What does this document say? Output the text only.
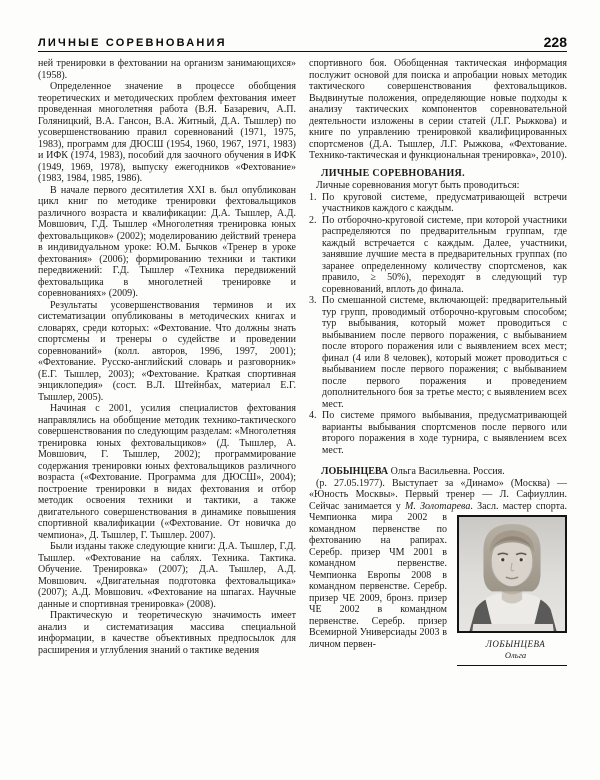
ЛИЧНЫЕ СОРЕВНОВАНИЯ	228

ней тренировки в фехтовании на организм занимающихся» (1958).

Определенное значение в процессе обобщения теоретических и методических проблем фехтования имеет проведенная многолетняя работа (В.Я. Базаревич, А.П. Голяницкий, В.А. Гансон, В.А. Житный, Д.А. Тышлер) по усовершенствованию правил соревнований (1971, 1975, 1983), программ для ДЮСШ (1954, 1960, 1967, 1971, 1983) и ИФК (1974, 1983), пособий для заочного обучения в ИФК (1949, 1969, 1978), выпуску ежегодников «Фехтование» (1983, 1984, 1985, 1986).

В начале первого десятилетия XXI в. был опубликован цикл книг по методике тренировки фехтовальщиков различного возраста и квалификации: Д.А. Тышлер, А.Д. Мовшович, Г.Д. Тышлер «Многолетняя тренировка юных фехтовальщиков» (2002); моделированию действий тренера в индивидуальном уроке: Ю.М. Бычков «Тренер в уроке фехтования» (2006); формированию техники и тактики передвижений: Г.Д. Тышлер «Техника передвижений фехтовальщика в многолетней тренировке и соревнованиях» (2009).

Результаты усовершенствования терминов и их систематизации опубликованы в методических книгах и словарях, среди которых: «Фехтование. Что должны знать спортсмены и тренеры о судействе и проведении соревнований» (колл. авторов, 1996, 1997, 2001); «Фехтование. Русско-английский словарь и разговорник» (Е.Г. Тышлер, 2003); «Фехтование. Краткая спортивная энциклопедия» (сост. В.Л. Штейнбах, материал Е.Г. Тышлер, 2005).

Начиная с 2001, усилия специалистов фехтования направлялись на обобщение методик технико-тактического совершенствования по следующим разделам: «Многолетняя тренировка юных фехтовальщиков» (Д. Тышлер, А. Мовшович, Г. Тышлер, 2002); программирование содержания тренировки юных фехтовальщиков различного возраста («Фехтование. Программа для ДЮСШ», 2004); построение тренировки в видах фехтования и отбор методик освоения техники и тактики, а также двигательного совершенствования в динамике повышения спортивной квалификации («Фехтование. От новичка до чемпиона», Д. Тышлер, Г. Тышлер. 2007).

Были изданы также следующие книги: Д.А. Тышлер, Г.Д. Тышлер. «Фехтование на саблях. Техника. Тактика. Обучение. Тренировка» (2007); Д.А. Тышлер, А.Д. Мовшович. «Двигательная подготовка фехтовальщика» (2007); А.Д. Мовшович. «Фехтование на шпагах. Научные данные и спортивная тренировка» (2008).

Практическую и теоретическую значимость имеет анализ и систематизация массива специальной информации, в качестве объективных предпосылок для расширения и углубления знаний о тактике ведения

спортивного боя. Обобщенная тактическая информация послужит основой для поиска и апробации новых методик тактического совершенствования фехтовальщиков. Выдвинутые положения, определяющие новые подходы к анализу тактических компонентов соревновательной деятельности изложены в серии статей (Л.Г. Рыжкова) и книге по управлению тренировкой квалифицированных спортсменов (Д.А. Тышлер, Л.Г. Рыжкова, «Фехтование. Технико-тактическая и функциональная тренировка», 2010).

ЛИЧНЫЕ СОРЕВНОВАНИЯ.

Личные соревнования могут быть проводиться:

1. По круговой системе, предусматривающей встречи участников каждого с каждым.
2. По отборочно-круговой системе, при которой участники распределяются по предварительным группам, где каждый встречается с каждым. Далее, участники, занявшие лучшие места в предварительных группах (по заранее определенному количеству спортсменов, как правило, ≥ 50%), переходят в следующий тур соревнований, вплоть до финала.
3. По смешанной системе, включающей: предварительный тур групп, проводимый отборочно-круговым способом; тур выбывания, который может проводиться с выбыванием после первого поражения, с выбыванием после второго поражения или с выявлением всех мест; финал (4 или 8 человек), который может проводиться с выбыванием после первого поражения; с выбыванием после первого поражения и проведением дополнительного боя за третье место; с выявлением всех мест.
4. По системе прямого выбывания, предусматривающей варианты выбывания спортсменов после первого или второго поражения в ходе турнира, с выявлением всех мест.

ЛОБЫНЦЕВА Ольга Васильевна. Россия.

(р. 27.05.1977). Выступает за «Динамо» (Москва) — «Юность Москвы». Первый тренер — Л. Сафиуллин. Сейчас занимается у М. Золотарева. Засл. мастер
ЛОБЫНЦЕВА
Ольга
спорта. Чемпионка мира 2002 в командном первенстве по фехтованию на рапирах. Серебр. призер ЧМ 2001 в командном первенстве. Чемпионка Европы 2008 в командном первенстве. Серебр. призер ЧЕ 2009, бронз. призер ЧЕ 2002 в командном первенстве. Серебр. призер Всемирной Универсиады 2003 в личном первен-
